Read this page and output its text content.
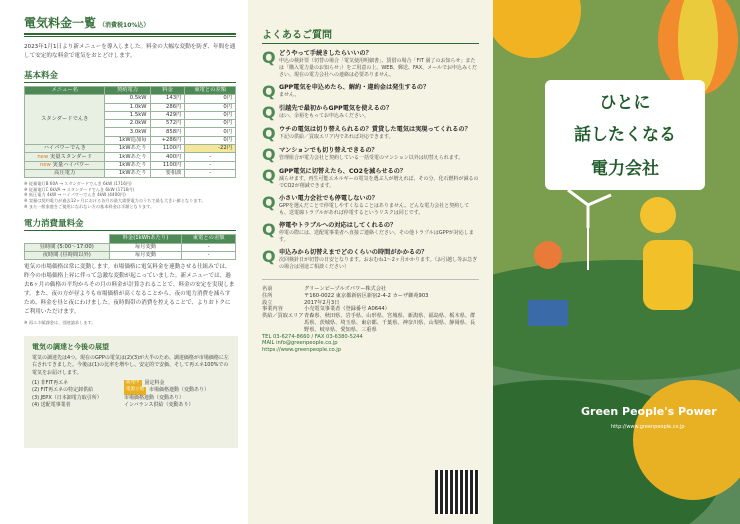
電気料金一覧 （消費税10%込）
2023年1月1日より新メニューを導入しました。料金の大幅な変動を防ぎ、年間を通して安定的な料金で電気をおとどけします。
基本料金
メニュー名	契約電力	料金	東電との差額
スタンダードでんき	0.5kW	143円	0円
	1.0kW	286円	0円
	1.5kW	429円	0円
	2.0kW	572円	0円
	3.0kW	858円	0円
	1kW追加毎	+286円	0円
ハイパワーでんき	1kWあたり	1100円	-22円
new 実量スタンダード	1kWあたり	400円	-
new 実量ハイパワー	1kWあたり	1100円	-
高圧電力	1kWあたり	要相談	-
※ 従量電灯B 60A → スタンダードでんき 6kW (1716円)
※ 従量電灯C 6kVA → スタンダードでんき 6kW (1716円)
※ 低圧電力 4kW → ハイパワーでんき 4kW (4400円)
※ 実量は契約電力が過去12ヶ月における各月の最大需要電力のうちで最も大きい値となります。
※ また一般家庭をご使用になれない方の基本料金は半額となります。
電力消費量料金
	料金(1kWhあたり)	東電との差額
昼時間 (5:00〜17:00)	毎月変動	-
夜時間 (昼時間以外)	毎月変動	-
電気の市場価格は常に変動します。市場価格に電気料金を連動させる仕組みでは、昨今の市場価格上昇に伴って急激な変動が起こっていました。新メニューでは、過去6ヶ月の価格の平均からその月の料金が計算されることで、料金の安定を実現します。また、夜の方が昼よりも市場価格が高くなることから、夜の電力消費を減らすため、料金を昼と夜にわけました。夜時間帯の消費を控えることで、よりおトクにご利用いただけます。
※ 再エネ賦課金は、別途請求します。
電気の調達と今後の展望
電気の調達先は4つ。現在のGPPの電気は(2)(3)が大半のため、調達価格が市場価格に左右されてきました。今後は(1)の比率を増やし、安定的で安価、そして再エネ100%での電気をお届けします。
(1) 非FIT再エネ	開発中	固定料金
(2) FIT再エネの特定卸供給	電源立地	市場価格連動（変動あり）
(3) JEPX（日本卸電力取引所）	市場価格連動（変動あり）
(4) 送配電事業者	インバランス供給（変動あり）
よくあるご質問
Q どうやって手続きしたらいいの？
申込の検針票（切替の場合「電気使用明細書」、賃借の場合「FIT 満了のお知らせ」または「購入電力量のお知らせ」）をご用意の上、WEB、郵送、FAX、メールでお申込みください。現在の電力会社への連絡は必要ありません。
Q GPP電気を申込めたら、解約・違約金は発生するの？
ません。
Q 引越先で最初からGPP電気を使えるの？
はい、余裕をもってお申込みください。
Q ウチの電気は切り替えられるの？賃貸した電気は実現ってくれるの？
下記の供給／買取エリア内であれば対応できます。
Q マンションでも切り替えできるの？
管理組合が電力会社と契約している一括受電のマンション以外は切替えられます。
Q GPP電気に切替えたら、CO2を減らせるの？
減らせます。再生可能エネルギーの電気を選ぶ人が増えれば、その分、化石燃料が減るのでCO2が削減できます。
Q 小さい電力会社でも停電しないの？
GPPを選んだことで停電しやすくなることはありません。どんな電力会社と契約しても、送電線トラブルがあれば停電するというリスクは同じです。
Q 停電やトラブルへの対応はしてくれるの？
停電の際には、送配電事業者へ直接ご連絡ください。その他トラブルはGPPが対応します。
Q 申込みから切替えまでどのくらいの時間がかかるの？
次回検針日が切替の日安となります。おおむね1〜2ヶ月かかります。（お引越し等お急ぎの場合は別途ご相談ください）
名前	グリーンピープルズパワー株式会社
住所	〒160-0022 東京都新宿区新宿2-4-2 カーザ御苑903
設立	2017年2月3日
事業内容	小売電気事業者（登録番号 A0644）
供給／買取エリア 青森県、秋田県、岩手県、山形県、宮城県、新潟県、福島県、栃木県、群馬県、茨城県、埼玉県、東京都、千葉県、神奈川県、山梨県、静岡県、長野県、岐阜県、愛知県、三重県
TEL 03-6274-8660 / FAX 03-6380-5244
MAIL info@greenpeople.co.jp
https://www.greenpeople.co.jp
ひとに
話したくなる
電力会社
Green People's Power
http://www.greenpeople.co.jp
